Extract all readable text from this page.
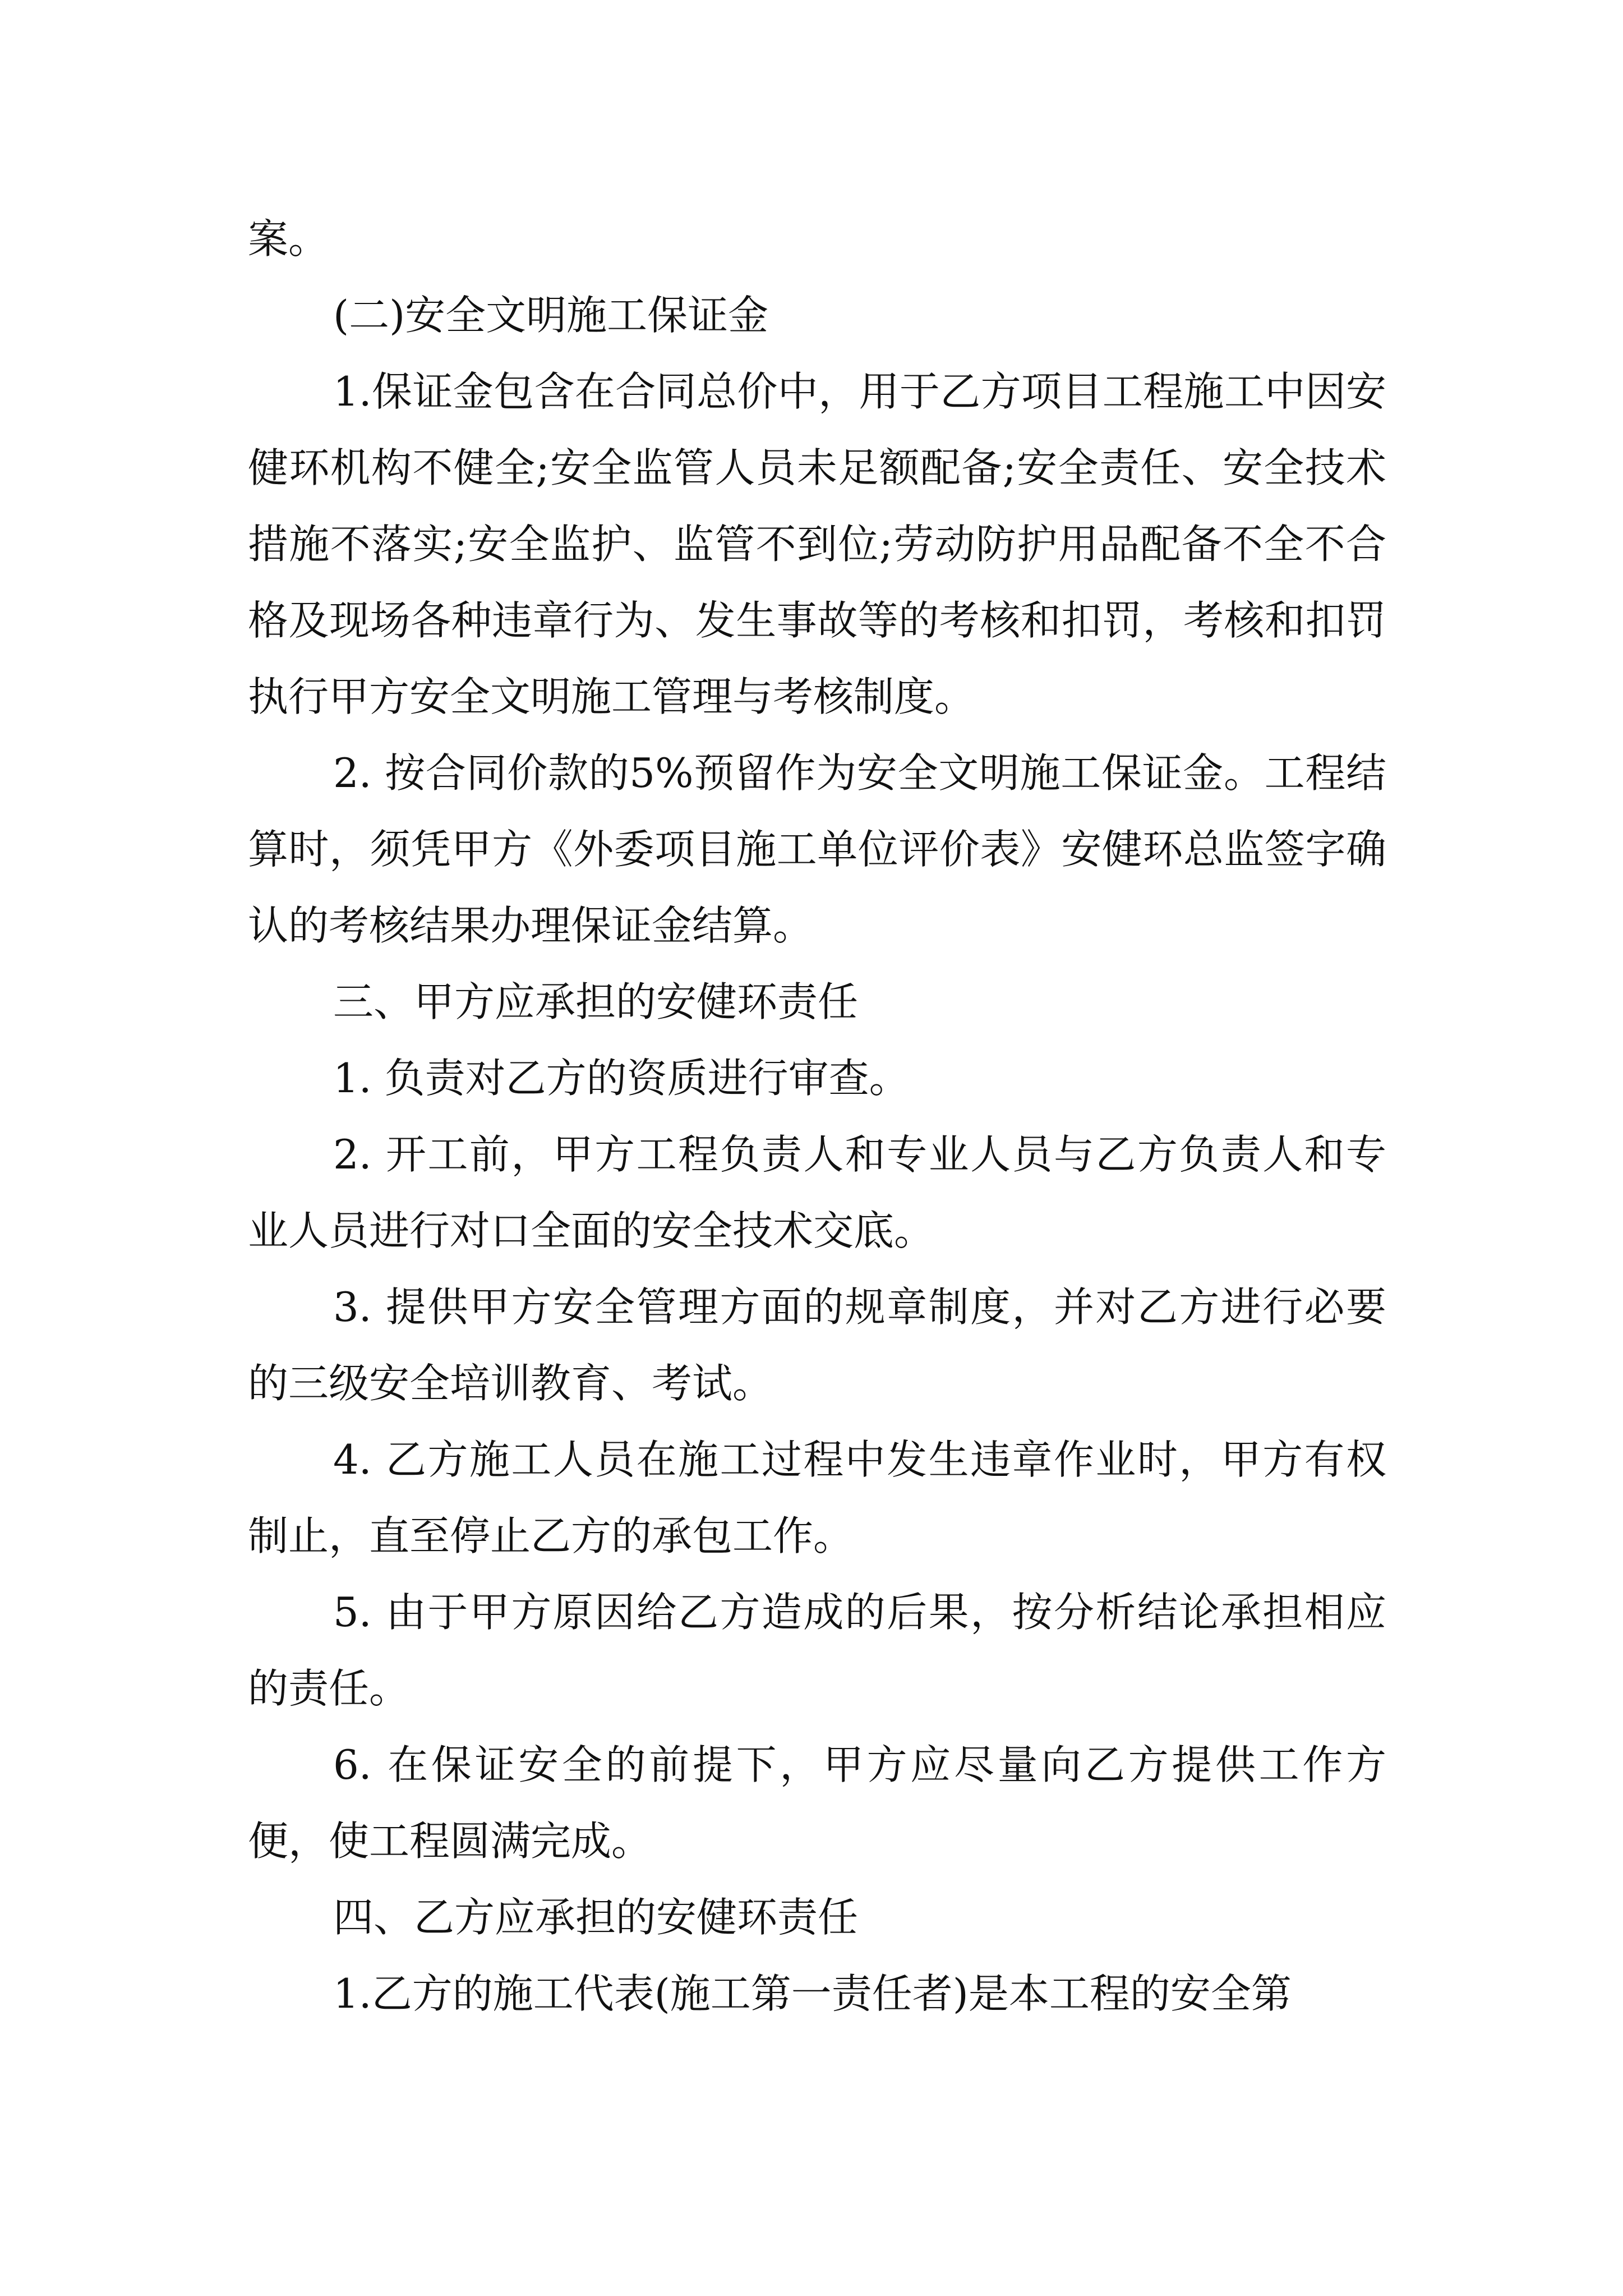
案。

(二)安全文明施工保证金

1.保证金包含在合同总价中，用于乙方项目工程施工中因安健环机构不健全;安全监管人员未足额配备;安全责任、安全技术措施不落实;安全监护、监管不到位;劳动防护用品配备不全不合格及现场各种违章行为、发生事故等的考核和扣罚，考核和扣罚执行甲方安全文明施工管理与考核制度。

2. 按合同价款的5%预留作为安全文明施工保证金。工程结算时，须凭甲方《外委项目施工单位评价表》安健环总监签字确认的考核结果办理保证金结算。

三、甲方应承担的安健环责任

1. 负责对乙方的资质进行审查。

2. 开工前，甲方工程负责人和专业人员与乙方负责人和专业人员进行对口全面的安全技术交底。

3. 提供甲方安全管理方面的规章制度，并对乙方进行必要的三级安全培训教育、考试。

4. 乙方施工人员在施工过程中发生违章作业时，甲方有权制止，直至停止乙方的承包工作。

5. 由于甲方原因给乙方造成的后果，按分析结论承担相应的责任。

6. 在保证安全的前提下，甲方应尽量向乙方提供工作方便，使工程圆满完成。

四、乙方应承担的安健环责任

1.乙方的施工代表(施工第一责任者)是本工程的安全第
